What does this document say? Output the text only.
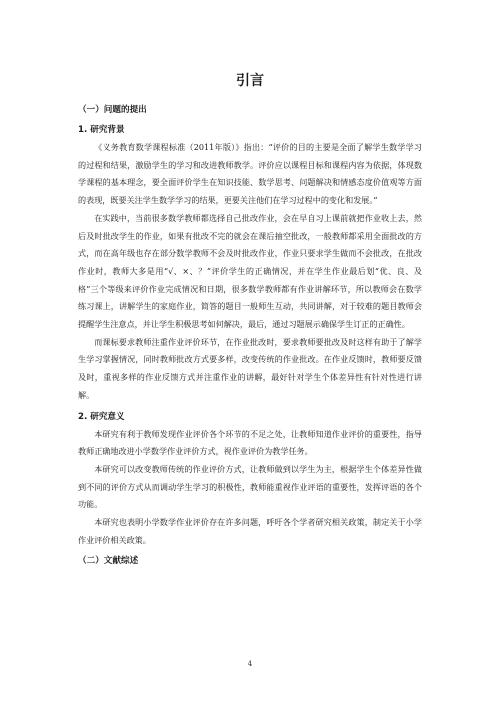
引言
（一）问题的提出
1. 研究背景

《义务教育数学课程标准（2011年版）》指出：“评价的目的主要是全面了解学生数学学习的过程和结果，激励学生的学习和改进教师教学。评价应以课程目标和课程内容为依据，体现数学课程的基本理念，要全面评价学生在知识技能、数学思考、问题解决和情感态度价值观等方面的表现，既要关注学生数学学习的结果，更要关注他们在学习过程中的变化和发展。”

在实践中，当前很多数学教师都选择自己批改作业，会在早自习上课前就把作业收上去，然后及时批改学生的作业，如果有批改不完的就会在课后抽空批改，一般教师都采用全面批改的方式，而在高年级也存在部分数学教师不会及时批改作业，作业只要求学生做而不会批改，在批改作业时，教师大多是用“√、×、？”评价学生的正确情况，并在学生作业最后划“优、良、及格”三个等级来评价作业完成情况和日期，很多数学教师都有作业讲解环节，所以教师会在数学练习课上，讲解学生的家庭作业，简答的题目一般师生互动，共同讲解，对于较难的题目教师会提醒学生注意点，并让学生积极思考如何解决，最后，通过习题展示确保学生订正的正确性。

而课标要求教师注重作业评价环节，在作业批改时，要求教师要批改及时这样有助于了解学生学习掌握情况，同时教师批改方式要多样，改变传统的作业批改。在作业反馈时，教师要反馈及时，重视多样的作业反馈方式并注重作业的讲解，最好针对学生个体差异性有针对性进行讲解。

2. 研究意义

本研究有利于教师发现作业评价各个环节的不足之处，让教师知道作业评价的重要性，指导教师正确地改进小学数学作业评价方式，视作业评价为教学任务。

本研究可以改变教师传统的作业评价方式，让教师做到以学生为主，根据学生个体差异性做到不同的评价方式从而调动学生学习的积极性，教师能重视作业评语的重要性，发挥评语的各个功能。

本研究也表明小学数学作业评价存在许多问题，呼吁各个学者研究相关政策，制定关于小学作业评价相关政策。

（二）文献综述
4
